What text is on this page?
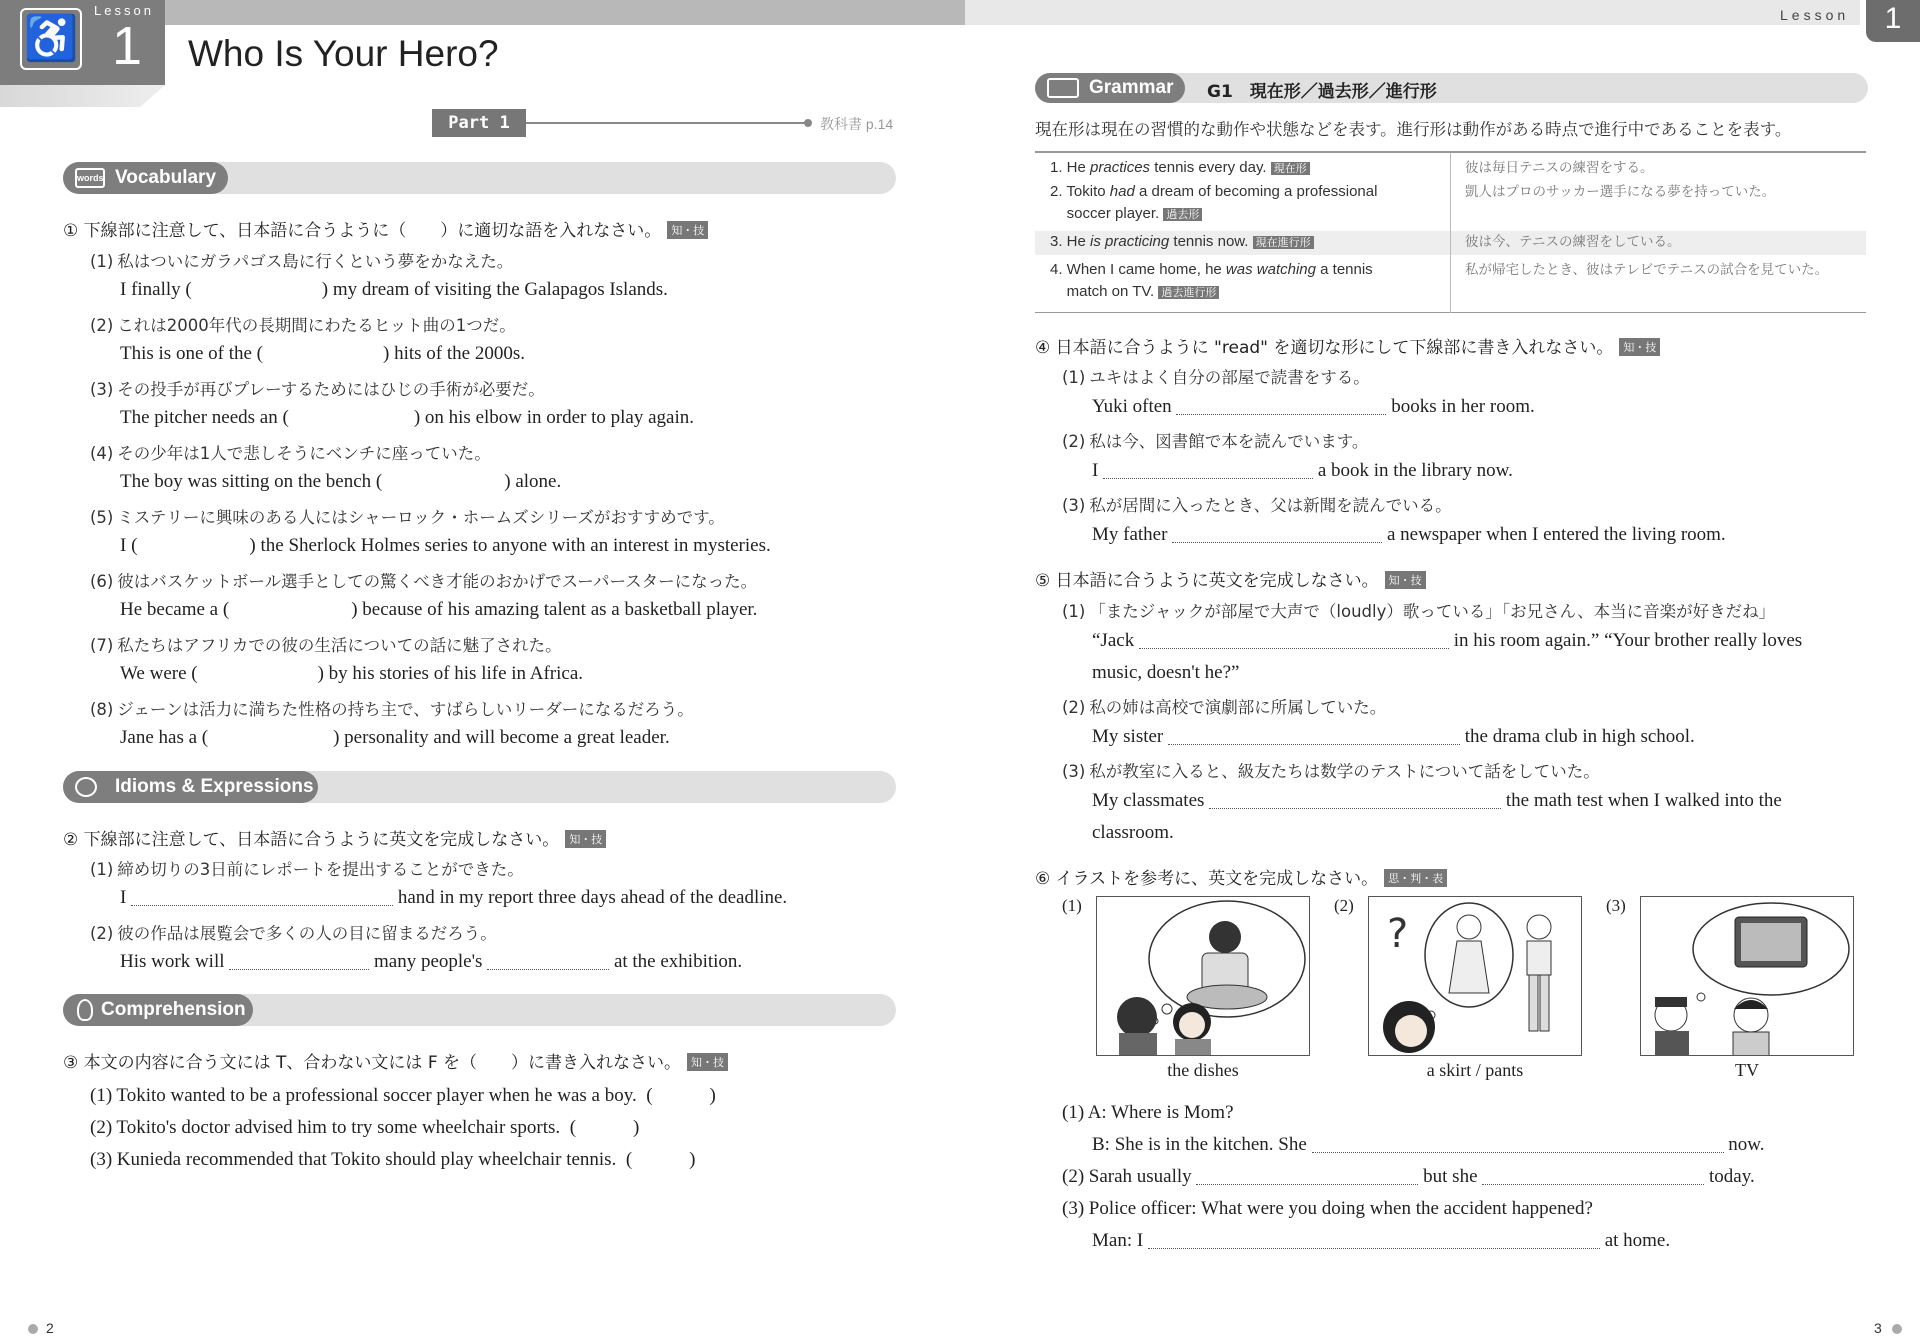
♿
Lesson
1 Who Is Your Hero?
Lesson	1
Part 1	教科書 p.14
words Vocabulary
① 下線部に注意して、日本語に合うように（　　）に適切な語を入れなさい。 知・技
(1) 私はついにガラパゴス島に行くという夢をかなえた。
I finally (	) my dream of visiting the Galapagos Islands.
(2) これは2000年代の長期間にわたるヒット曲の1つだ。
This is one of the (	) hits of the 2000s.
(3) その投手が再びプレーするためにはひじの手術が必要だ。
The pitcher needs an (	) on his elbow in order to play again.
(4) その少年は1人で悲しそうにベンチに座っていた。
The boy was sitting on the bench (	) alone.
(5) ミステリーに興味のある人にはシャーロック・ホームズシリーズがおすすめです。
I (	) the Sherlock Holmes series to anyone with an interest in mysteries.
(6) 彼はバスケットボール選手としての驚くべき才能のおかげでスーパースターになった。
He became a (	) because of his amazing talent as a basketball player.
(7) 私たちはアフリカでの彼の生活についての話に魅了された。
We were (	) by his stories of his life in Africa.
(8) ジェーンは活力に満ちた性格の持ち主で、すばらしいリーダーになるだろう。
Jane has a (	) personality and will become a great leader.
Idioms & Expressions
② 下線部に注意して、日本語に合うように英文を完成しなさい。 知・技
(1) 締め切りの3日前にレポートを提出することができた。
I	hand in my report three days ahead of the deadline.
(2) 彼の作品は展覧会で多くの人の目に留まるだろう。
His work will	many people's	at the exhibition.
Comprehension
③ 本文の内容に合う文には T、合わない文には F を（　　）に書き入れなさい。 知・技
(1) Tokito wanted to be a professional soccer player when he was a boy. (　　　)
(2) Tokito's doctor advised him to try some wheelchair sports. (　　　)
(3) Kunieda recommended that Tokito should play wheelchair tennis. (　　　)
Grammar	G1　現在形／過去形／進行形
現在形は現在の習慣的な動作や状態などを表す。進行形は動作がある時点で進行中であることを表す。
1. He practices tennis every day. 現在形	彼は毎日テニスの練習をする。
2. Tokito had a dream of becoming a professional
soccer player. 過去形
凱人はプロのサッカー選手になる夢を持っていた。
3. He is practicing tennis now. 現在進行形	彼は今、テニスの練習をしている。
4. When I came home, he was watching a tennis
match on TV. 過去進行形
私が帰宅したとき、彼はテレビでテニスの試合を見ていた。
④ 日本語に合うように "read" を適切な形にして下線部に書き入れなさい。 知・技
(1) ユキはよく自分の部屋で読書をする。
Yuki often	books in her room.
(2) 私は今、図書館で本を読んでいます。
I	a book in the library now.
(3) 私が居間に入ったとき、父は新聞を読んでいる。
My father	a newspaper when I entered the living room.
⑤ 日本語に合うように英文を完成しなさい。 知・技
(1) 「またジャックが部屋で大声で（loudly）歌っている」「お兄さん、本当に音楽が好きだね」
“Jack	in his room again.” “Your brother really loves
music, doesn't he?”
(2) 私の姉は高校で演劇部に所属していた。
My sister	the drama club in high school.
(3) 私が教室に入ると、級友たちは数学のテストについて話をしていた。
My classmates	the math test when I walked into the
classroom.
⑥ イラストを参考に、英文を完成しなさい。 思・判・表
(1)
the dishes
(2)
?
a skirt / pants
(3)
TV
(1) A: Where is Mom?
B: She is in the kitchen. She	now.
(2) Sarah usually	but she	today.
(3) Police officer: What were you doing when the accident happened?
Man: I	at home.
2	3
